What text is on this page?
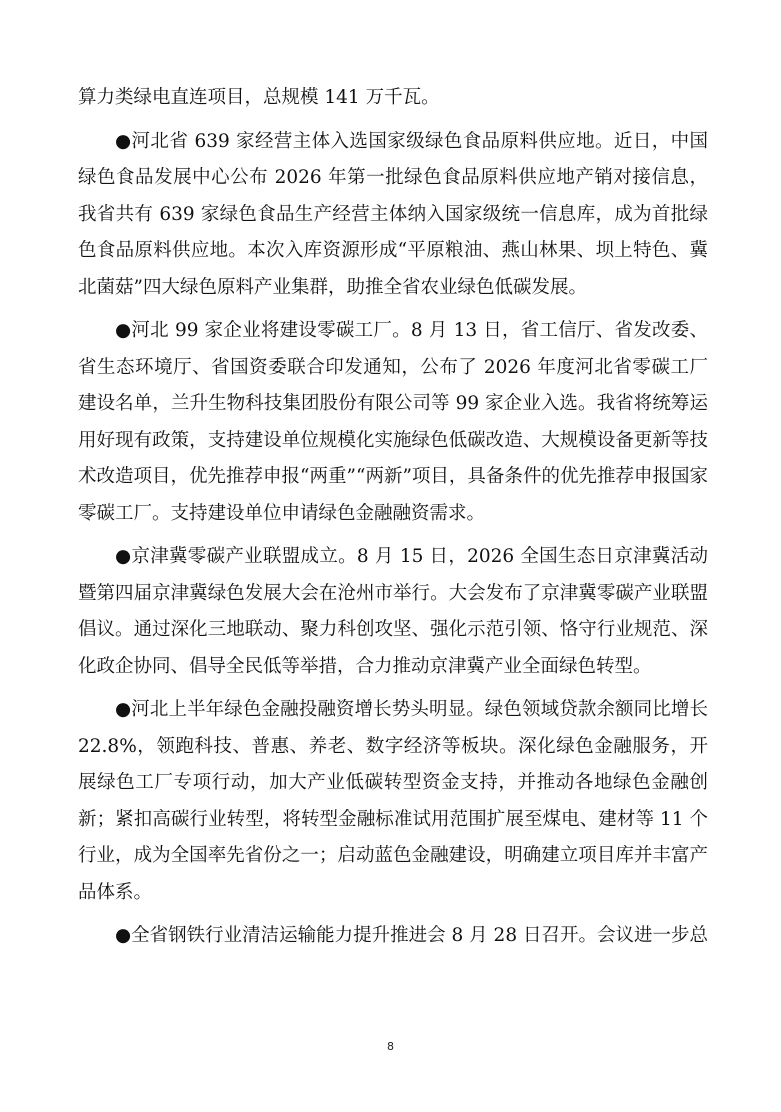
算力类绿电直连项目，总规模 141 万千瓦。

●河北省 639 家经营主体入选国家级绿色食品原料供应地。近日，中国绿色食品发展中心公布 2026 年第一批绿色食品原料供应地产销对接信息，我省共有 639 家绿色食品生产经营主体纳入国家级统一信息库，成为首批绿色食品原料供应地。本次入库资源形成“平原粮油、燕山林果、坝上特色、冀北菌菇”四大绿色原料产业集群，助推全省农业绿色低碳发展。

●河北 99 家企业将建设零碳工厂。8 月 13 日，省工信厅、省发改委、省生态环境厅、省国资委联合印发通知，公布了 2026 年度河北省零碳工厂建设名单，兰升生物科技集团股份有限公司等 99 家企业入选。我省将统筹运用好现有政策，支持建设单位规模化实施绿色低碳改造、大规模设备更新等技术改造项目，优先推荐申报“两重”“两新”项目，具备条件的优先推荐申报国家零碳工厂。支持建设单位申请绿色金融融资需求。

●京津冀零碳产业联盟成立。8 月 15 日，2026 全国生态日京津冀活动暨第四届京津冀绿色发展大会在沧州市举行。大会发布了京津冀零碳产业联盟倡议。通过深化三地联动、聚力科创攻坚、强化示范引领、恪守行业规范、深化政企协同、倡导全民低等举措，合力推动京津冀产业全面绿色转型。

●河北上半年绿色金融投融资增长势头明显。绿色领域贷款余额同比增长 22.8%，领跑科技、普惠、养老、数字经济等板块。深化绿色金融服务，开展绿色工厂专项行动，加大产业低碳转型资金支持，并推动各地绿色金融创新；紧扣高碳行业转型，将转型金融标准试用范围扩展至煤电、建材等 11 个行业，成为全国率先省份之一；启动蓝色金融建设，明确建立项目库并丰富产品体系。

●全省钢铁行业清洁运输能力提升推进会 8 月 28 日召开。会议进一步总

8
